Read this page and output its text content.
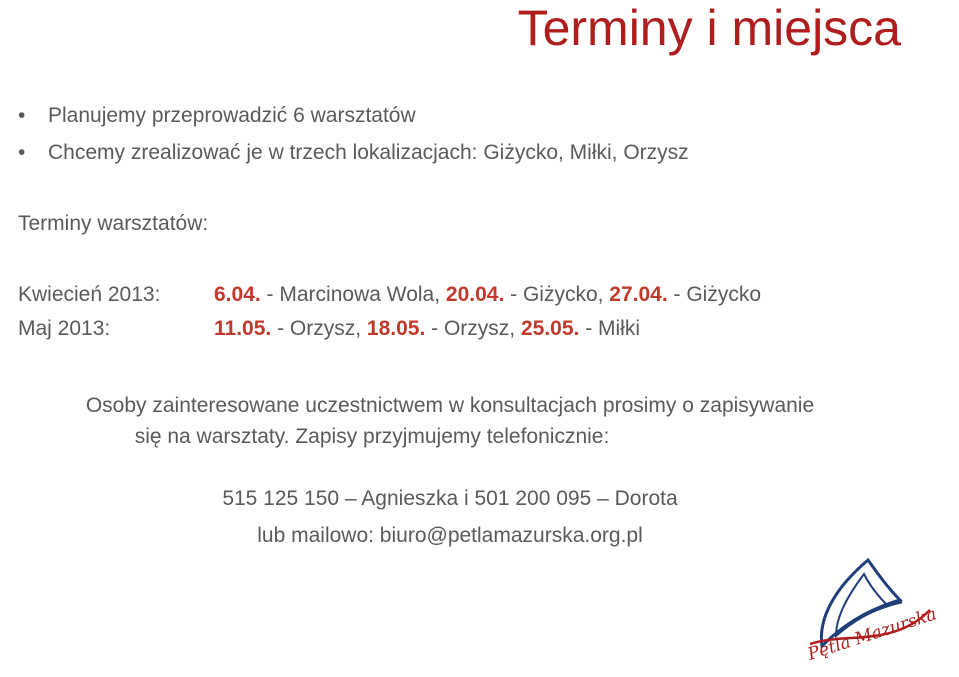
Terminy i miejsca
• Planujemy przeprowadzić 6 warsztatów
• Chcemy zrealizować je w trzech lokalizacjach: Giżycko, Miłki, Orzysz
Terminy warsztatów:
Kwiecień 2013:	6.04. - Marcinowa Wola, 20.04. - Giżycko, 27.04. - Giżycko
Maj 2013:	11.05. - Orzysz, 18.05. - Orzysz, 25.05. - Miłki
Osoby zainteresowane uczestnictwem w konsultacjach prosimy o zapisywanie
się na warsztaty. Zapisy przyjmujemy telefonicznie:
515 125 150 – Agnieszka i 501 200 095 – Dorota
lub mailowo: biuro@petlamazurska.org.pl
Pętla Mazurska
